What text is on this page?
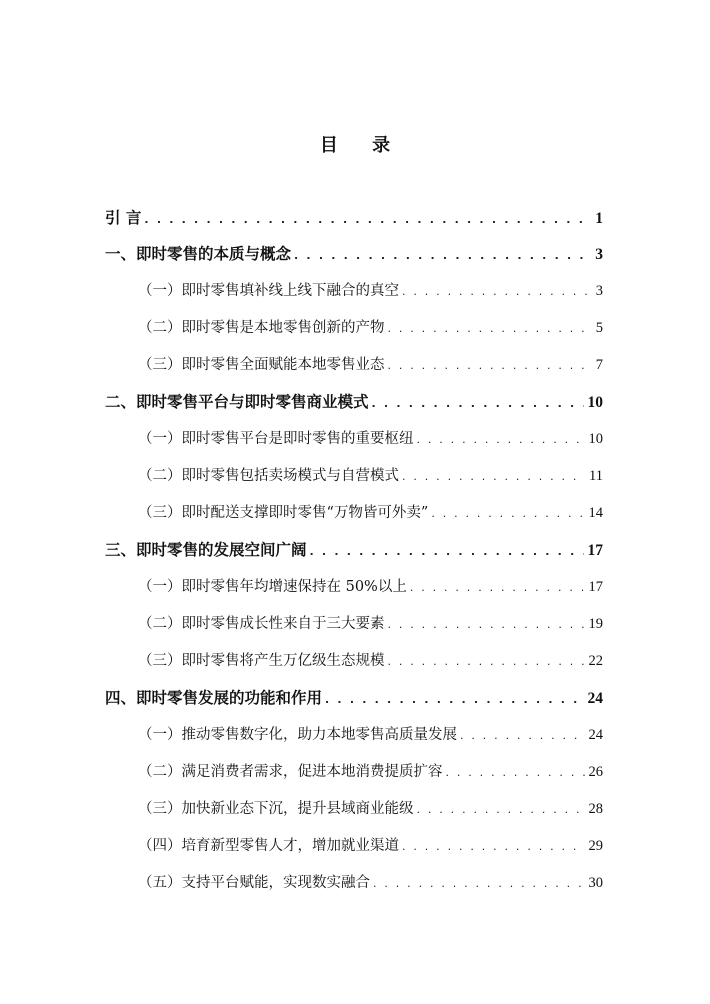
目 录
引 言 . . .	1
一、即时零售的本质与概念 . . .	3
（一）即时零售填补线上线下融合的真空 . . .	3
（二）即时零售是本地零售创新的产物 . . .	5
（三）即时零售全面赋能本地零售业态 . . .	7
二、即时零售平台与即时零售商业模式 . . .	10
（一）即时零售平台是即时零售的重要枢纽 . . .	10
（二）即时零售包括卖场模式与自营模式 . . .	11
（三）即时配送支撑即时零售“万物皆可外卖” . . .	14
三、即时零售的发展空间广阔 . . .	17
（一）即时零售年均增速保持在 50%以上 . . .	17
（二）即时零售成长性来自于三大要素 . . .	19
（三）即时零售将产生万亿级生态规模 . . .	22
四、即时零售发展的功能和作用 . . .	24
（一）推动零售数字化，助力本地零售高质量发展 . . .	24
（二）满足消费者需求，促进本地消费提质扩容 . . .	26
（三）加快新业态下沉，提升县域商业能级 . . .	28
（四）培育新型零售人才，增加就业渠道 . . .	29
（五）支持平台赋能，实现数实融合 . . .	30
